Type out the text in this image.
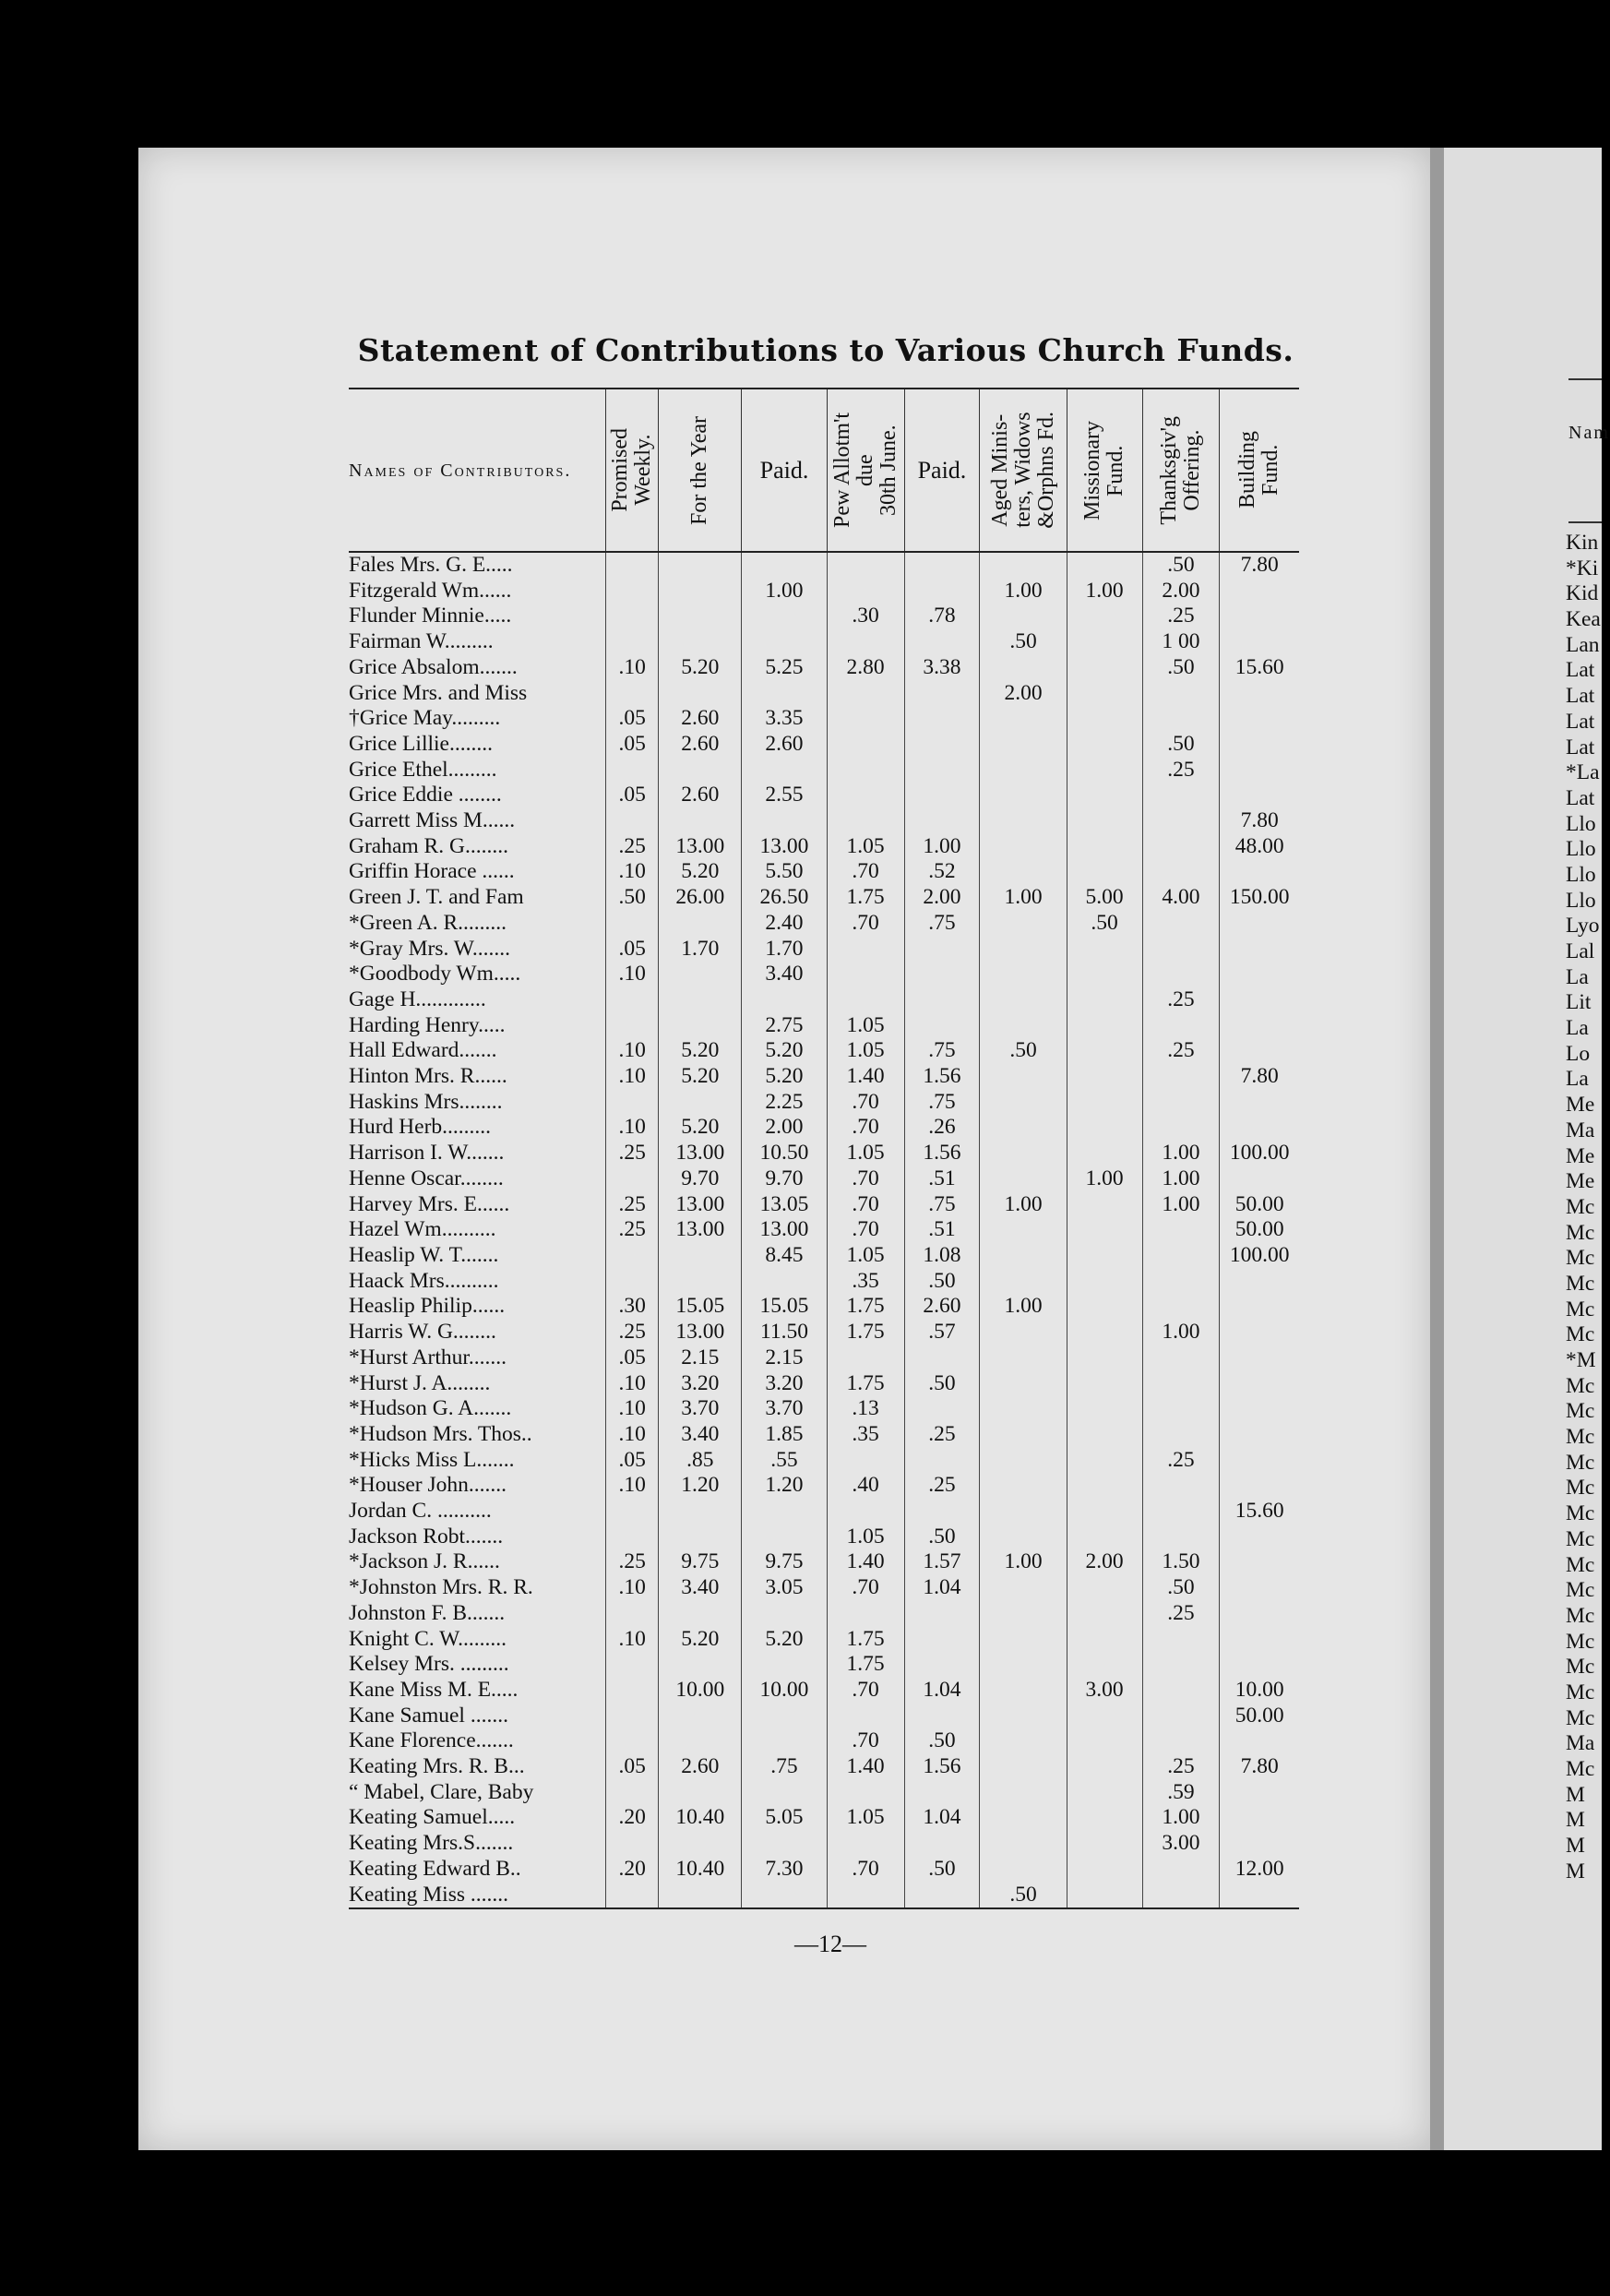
Statement of Contributions to Various Church Funds.
Names of Contributors.	Promised
Weekly.	For the Year	Paid.	Pew Allotm't
due
30th June.	Paid.	Aged Minis-
ters, Widows
&Orphns Fd.	Missionary
Fund.	Thanksgiv'g
Offering.	Building
Fund.

Fales Mrs. G. E.....								.50	7.80
Fitzgerald Wm......			1.00			1.00	1.00	2.00	
Flunder Minnie.....				.30	.78			.25	
Fairman W.........						.50		1 00	
Grice Absalom.......	.10	5.20	5.25	2.80	3.38			.50	15.60
Grice Mrs. and Miss						2.00			
†Grice May.........	.05	2.60	3.35						
Grice Lillie........	.05	2.60	2.60					.50	
Grice Ethel.........								.25	
Grice Eddie ........	.05	2.60	2.55						
Garrett Miss M......									7.80
Graham R. G........	.25	13.00	13.00	1.05	1.00				48.00
Griffin Horace ......	.10	5.20	5.50	.70	.52				
Green J. T. and Fam	.50	26.00	26.50	1.75	2.00	1.00	5.00	4.00	150.00
*Green A. R.........			2.40	.70	.75		.50		
*Gray Mrs. W.......	.05	1.70	1.70						
*Goodbody Wm.....	.10		3.40						
Gage H.............								.25	
Harding Henry.....			2.75	1.05					
Hall Edward.......	.10	5.20	5.20	1.05	.75	.50		.25	
Hinton Mrs. R......	.10	5.20	5.20	1.40	1.56				7.80
Haskins Mrs........			2.25	.70	.75				
Hurd Herb.........	.10	5.20	2.00	.70	.26				
Harrison I. W.......	.25	13.00	10.50	1.05	1.56			1.00	100.00
Henne Oscar........		9.70	9.70	.70	.51		1.00	1.00	
Harvey Mrs. E......	.25	13.00	13.05	.70	.75	1.00		1.00	50.00
Hazel Wm..........	.25	13.00	13.00	.70	.51				50.00
Heaslip W. T.......			8.45	1.05	1.08				100.00
Haack Mrs..........				.35	.50				
Heaslip Philip......	.30	15.05	15.05	1.75	2.60	1.00			
Harris W. G........	.25	13.00	11.50	1.75	.57			1.00	
*Hurst Arthur.......	.05	2.15	2.15						
*Hurst J. A........	.10	3.20	3.20	1.75	.50				
*Hudson G. A.......	.10	3.70	3.70	.13					
*Hudson Mrs. Thos..	.10	3.40	1.85	.35	.25				
*Hicks Miss L.......	.05	.85	.55					.25	
*Houser John.......	.10	1.20	1.20	.40	.25				
Jordan C. ..........									15.60
Jackson Robt.......				1.05	.50				
*Jackson J. R......	.25	9.75	9.75	1.40	1.57	1.00	2.00	1.50	
*Johnston Mrs. R. R.	.10	3.40	3.05	.70	1.04			.50	
Johnston F. B.......								.25	
Knight C. W.........	.10	5.20	5.20	1.75					
Kelsey Mrs. .........				1.75					
Kane Miss M. E.....		10.00	10.00	.70	1.04		3.00		10.00
Kane Samuel .......									50.00
Kane Florence.......				.70	.50				
Keating Mrs. R. B...	.05	2.60	.75	1.40	1.56			.25	7.80
“ Mabel, Clare, Baby								.59	
Keating Samuel.....	.20	10.40	5.05	1.05	1.04			1.00	
Keating Mrs.S.......								3.00	
Keating Edward B..	.20	10.40	7.30	.70	.50				12.00
Keating Miss .......						.50			
—12—
Nam
Kin
*Ki
Kid
Kea
Lan
Lat
Lat
Lat
Lat
*La
Lat
Llo
Llo
Llo
Llo
Lyo
Lal
La
Lit
La
Lo
La
Me
Ma
Me
Me
Mc
Mc
Mc
Mc
Mc
Mc
*M
Mc
Mc
Mc
Mc
Mc
Mc
Mc
Mc
Mc
Mc
Mc
Mc
Mc
Mc
Ma
Mc
M
M
M
M
